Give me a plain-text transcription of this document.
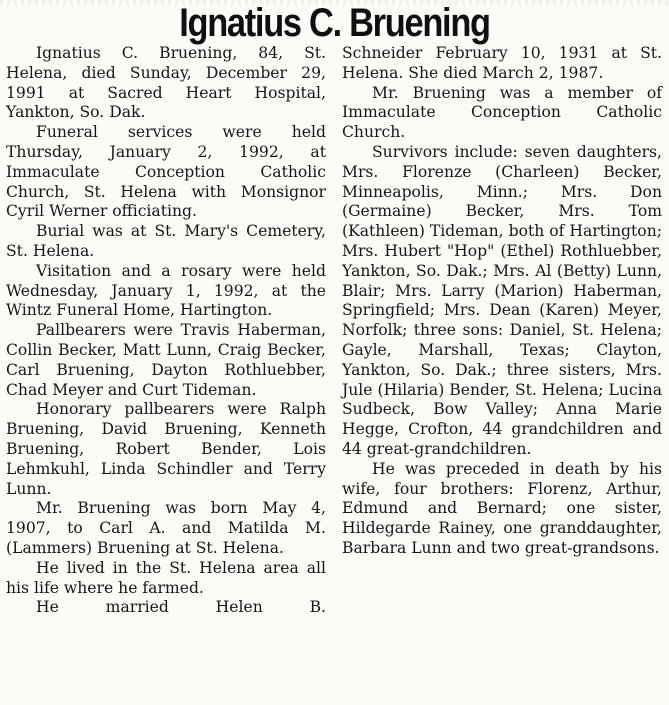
Ignatius C. Bruening

Ignatius C. Bruening, 84, St. Helena, died Sunday, December 29, 1991 at Sacred Heart Hospital, Yankton, So. Dak.

Funeral services were held Thursday, January 2, 1992, at Immaculate Conception Catholic Church, St. Helena with Monsignor Cyril Werner officiating.

Burial was at St. Mary's Cemetery, St. Helena.

Visitation and a rosary were held Wednesday, January 1, 1992, at the Wintz Funeral Home, Hartington.

Pallbearers were Travis Haberman, Collin Becker, Matt Lunn, Craig Becker, Carl Bruening, Dayton Rothluebber, Chad Meyer and Curt Tideman.

Honorary pallbearers were Ralph Bruening, David Bruening, Kenneth Bruening, Robert Bender, Lois Lehmkuhl, Linda Schindler and Terry Lunn.

Mr. Bruening was born May 4, 1907, to Carl A. and Matilda M. (Lammers) Bruening at St. Helena.

He lived in the St. Helena area all his life where he farmed.

He married Helen B.

Schneider February 10, 1931 at St. Helena. She died March 2, 1987.

Mr. Bruening was a member of Immaculate Conception Catholic Church.

Survivors include: seven daughters, Mrs. Florenze (Charleen) Becker, Minneapolis, Minn.; Mrs. Don (Germaine) Becker, Mrs. Tom (Kathleen) Tideman, both of Hartington; Mrs. Hubert "Hop" (Ethel) Rothluebber, Yankton, So. Dak.; Mrs. Al (Betty) Lunn, Blair; Mrs. Larry (Marion) Haberman, Springfield; Mrs. Dean (Karen) Meyer, Norfolk; three sons: Daniel, St. Helena; Gayle, Marshall, Texas; Clayton, Yankton, So. Dak.; three sisters, Mrs. Jule (Hilaria) Bender, St. Helena; Lucina Sudbeck, Bow Valley; Anna Marie Hegge, Crofton, 44 grandchildren and 44 great-grandchildren.

He was preceded in death by his wife, four brothers: Florenz, Arthur, Edmund and Bernard; one sister, Hildegarde Rainey, one granddaughter, Barbara Lunn and two great-grandsons.
